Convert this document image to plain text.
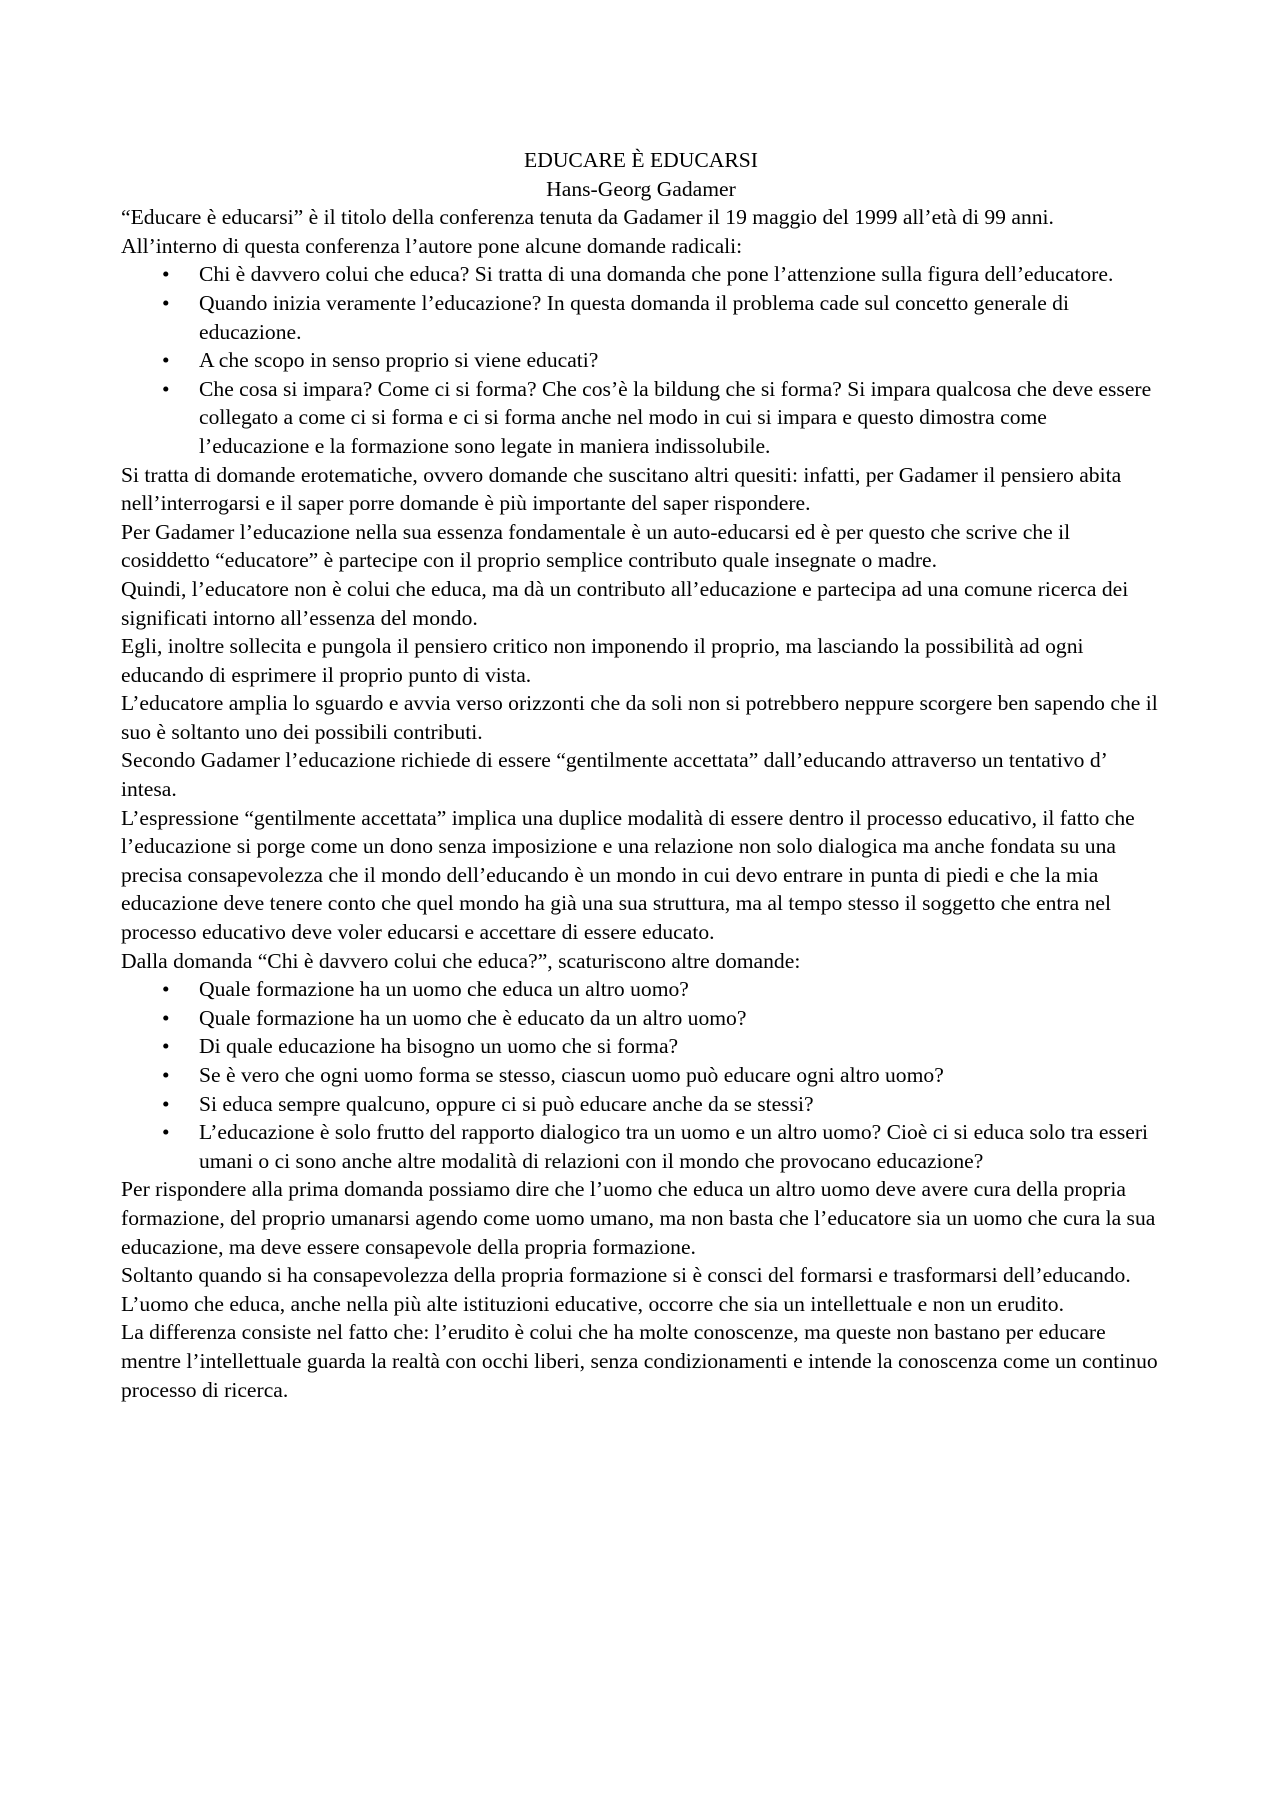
EDUCARE È EDUCARSI

Hans-Georg Gadamer

“Educare è educarsi” è il titolo della conferenza tenuta da Gadamer il 19 maggio del 1999 all’età di 99 anni.

All’interno di questa conferenza l’autore pone alcune domande radicali:

• Chi è davvero colui che educa? Si tratta di una domanda che pone l’attenzione sulla figura dell’educatore.
• Quando inizia veramente l’educazione? In questa domanda il problema cade sul concetto generale di educazione.
• A che scopo in senso proprio si viene educati?
• Che cosa si impara? Come ci si forma? Che cos’è la bildung che si forma? Si impara qualcosa che deve essere collegato a come ci si forma e ci si forma anche nel modo in cui si impara e questo dimostra come l’educazione e la formazione sono legate in maniera indissolubile.

Si tratta di domande erotematiche, ovvero domande che suscitano altri quesiti: infatti, per Gadamer il pensiero abita nell’interrogarsi e il saper porre domande è più importante del saper rispondere.

Per Gadamer l’educazione nella sua essenza fondamentale è un auto-educarsi ed è per questo che scrive che il cosiddetto “educatore” è partecipe con il proprio semplice contributo quale insegnate o madre.

Quindi, l’educatore non è colui che educa, ma dà un contributo all’educazione e partecipa ad una comune ricerca dei significati intorno all’essenza del mondo.

Egli, inoltre sollecita e pungola il pensiero critico non imponendo il proprio, ma lasciando la possibilità ad ogni educando di esprimere il proprio punto di vista.

L’educatore amplia lo sguardo e avvia verso orizzonti che da soli non si potrebbero neppure scorgere ben sapendo che il suo è soltanto uno dei possibili contributi.

Secondo Gadamer l’educazione richiede di essere “gentilmente accettata” dall’educando attraverso un tentativo d’ intesa.

L’espressione “gentilmente accettata” implica una duplice modalità di essere dentro il processo educativo, il fatto che l’educazione si porge come un dono senza imposizione e una relazione non solo dialogica ma anche fondata su una precisa consapevolezza che il mondo dell’educando è un mondo in cui devo entrare in punta di piedi e che la mia educazione deve tenere conto che quel mondo ha già una sua struttura, ma al tempo stesso il soggetto che entra nel processo educativo deve voler educarsi e accettare di essere educato.

Dalla domanda “Chi è davvero colui che educa?”, scaturiscono altre domande:

• Quale formazione ha un uomo che educa un altro uomo?
• Quale formazione ha un uomo che è educato da un altro uomo?
• Di quale educazione ha bisogno un uomo che si forma?
• Se è vero che ogni uomo forma se stesso, ciascun uomo può educare ogni altro uomo?
• Si educa sempre qualcuno, oppure ci si può educare anche da se stessi?
• L’educazione è solo frutto del rapporto dialogico tra un uomo e un altro uomo? Cioè ci si educa solo tra esseri umani o ci sono anche altre modalità di relazioni con il mondo che provocano educazione?

Per rispondere alla prima domanda possiamo dire che l’uomo che educa un altro uomo deve avere cura della propria formazione, del proprio umanarsi agendo come uomo umano, ma non basta che l’educatore sia un uomo che cura la sua educazione, ma deve essere consapevole della propria formazione.

Soltanto quando si ha consapevolezza della propria formazione si è consci del formarsi e trasformarsi dell’educando.

L’uomo che educa, anche nella più alte istituzioni educative, occorre che sia un intellettuale e non un erudito.

La differenza consiste nel fatto che: l’erudito è colui che ha molte conoscenze, ma queste non bastano per educare mentre l’intellettuale guarda la realtà con occhi liberi, senza condizionamenti e intende la conoscenza come un continuo processo di ricerca.
